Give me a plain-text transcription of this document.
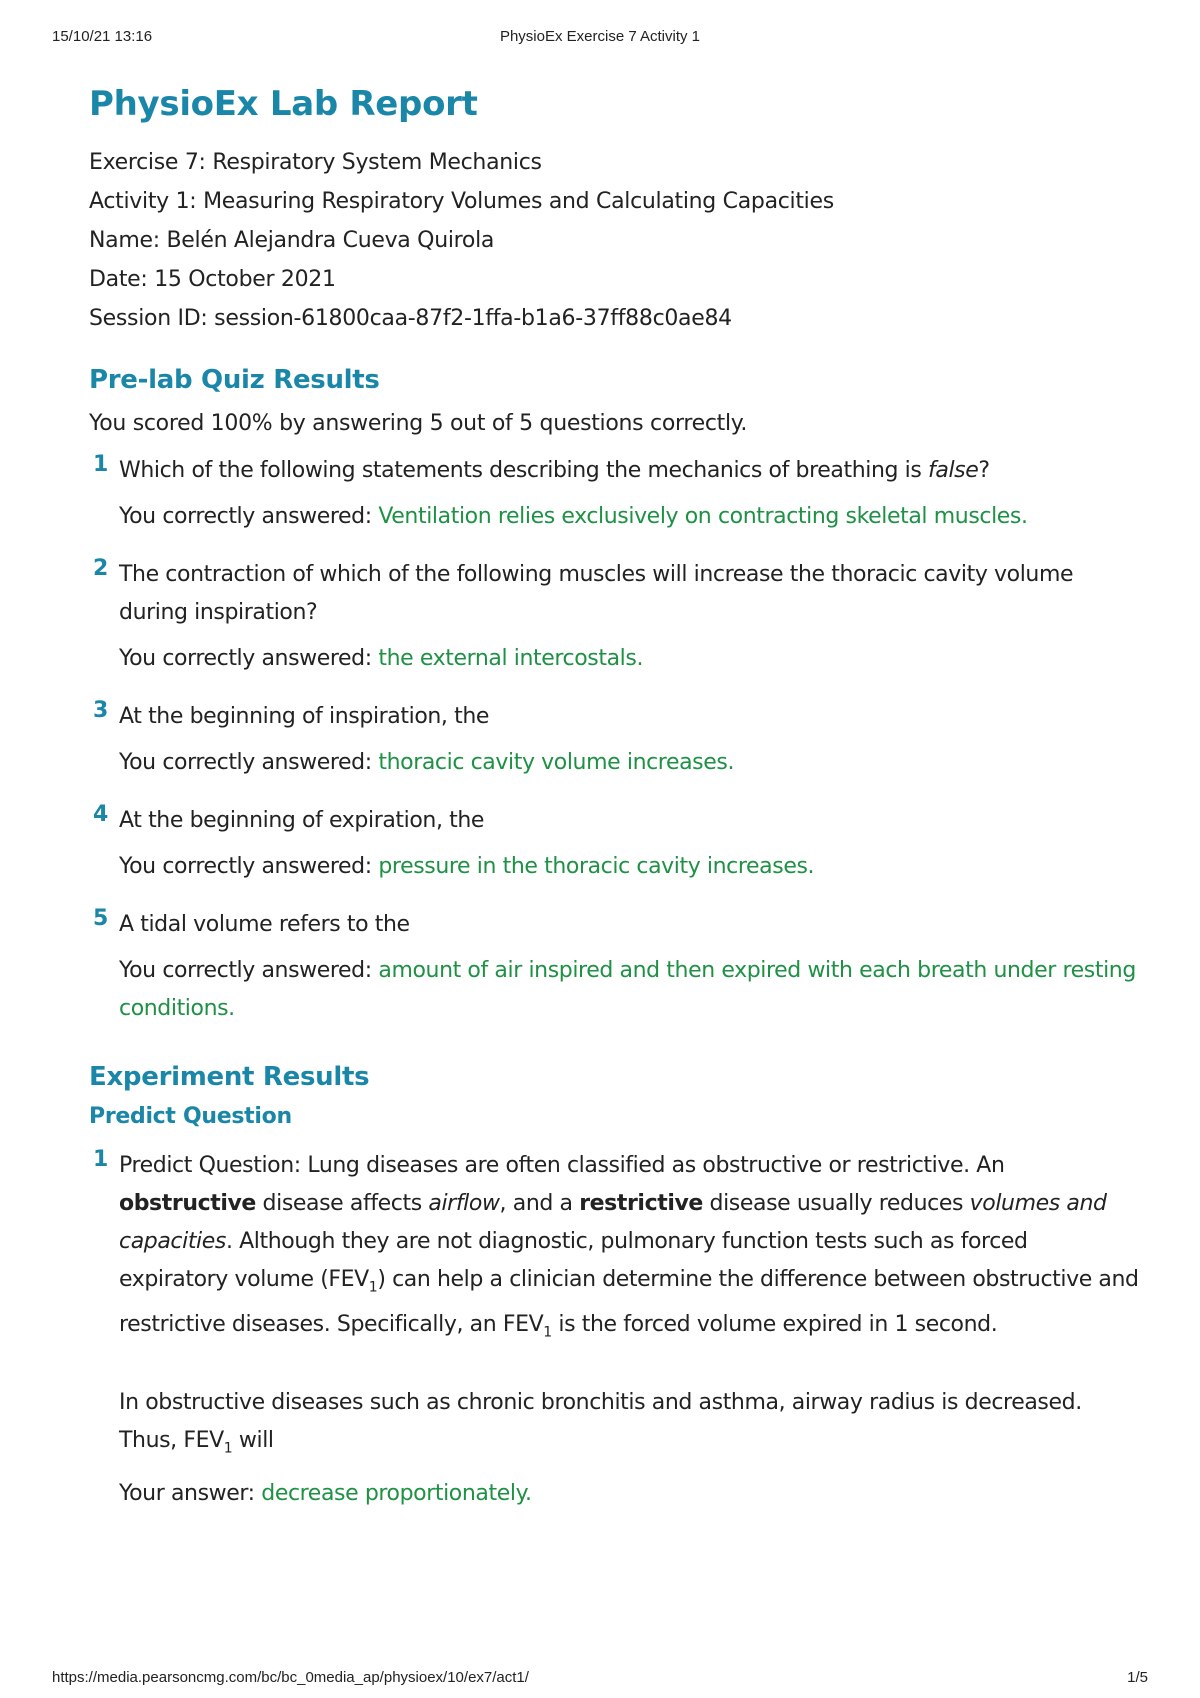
15/10/21 13:16	PhysioEx Exercise 7 Activity 1
PhysioEx Lab Report

Exercise 7: Respiratory System Mechanics

Activity 1: Measuring Respiratory Volumes and Calculating Capacities

Name: Belén Alejandra Cueva Quirola

Date: 15 October 2021

Session ID: session-61800caa-87f2-1ffa-b1a6-37ff88c0ae84

Pre-lab Quiz Results

You scored 100% by answering 5 out of 5 questions correctly.

1 Which of the following statements describing the mechanics of breathing is false?
You correctly answered: Ventilation relies exclusively on contracting skeletal muscles.
2 The contraction of which of the following muscles will increase the thoracic cavity volume during inspiration?
You correctly answered: the external intercostals.
3 At the beginning of inspiration, the
You correctly answered: thoracic cavity volume increases.
4 At the beginning of expiration, the
You correctly answered: pressure in the thoracic cavity increases.
5 A tidal volume refers to the
You correctly answered: amount of air inspired and then expired with each breath under resting conditions.
Experiment Results
Predict Question
1 Predict Question: Lung diseases are often classified as obstructive or restrictive. An obstructive disease affects airflow, and a restrictive disease usually reduces volumes and capacities. Although they are not diagnostic, pulmonary function tests such as forced expiratory volume $(FEV_1)$ can help a clinician determine the difference between obstructive and restrictive diseases. Specifically, an $FEV_1$ is the forced volume expired in 1 second.
In obstructive diseases such as chronic bronchitis and asthma, airway radius is decreased. Thus, $FEV_1$ will
Your answer: decrease proportionately.
https://media.pearsoncmg.com/bc/bc_0media_ap/physioex/10/ex7/act1/	1/5
